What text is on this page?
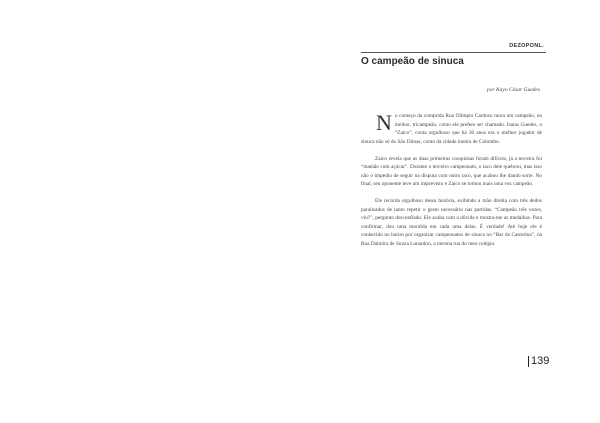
DEZOPONL.
O campeão de sinuca
por Kayo César Guedes

No começo da comprida Rua Olímpio Cardoso mora um campeão, ou melhor, tricampeão, como ele prefere ser chamado. Isaías Guedes, o “Zaico”, conta orgulhoso que há 30 anos era o melhor jogador de sinuca não só do São Dimas, como da cidade inteira de Colombo.

Zaico revela que as duas primeiras conquistas foram difíceis, já a terceira foi “mamão com açúcar”. Durante o terceiro campeonato, o taco dele quebrou, mas isso não o impediu de seguir na disputa com outro taco, que acabou lhe dando sorte. No final, seu oponente teve um imprevisto e Zaico se tornou mais uma vez campeão.

Ele recorda orgulhoso dessa história, exibindo a mão direita com três dedos paralisados de tanto repetir o gesto necessário nas partidas. “Campeão três vezes, viu?”, pergunto desconfiado. Ele acaba com a dúvida e mostra-me as medalhas. Para confirmar, dou uma mordida em cada uma delas. É verdade! Até hoje ele é conhecido no bairro por organizar campeonatos de sinuca no “Bar da Casturina”, na Rua Dalmira de Souza Lunardon, a mesma rua do meu colégio.

139
